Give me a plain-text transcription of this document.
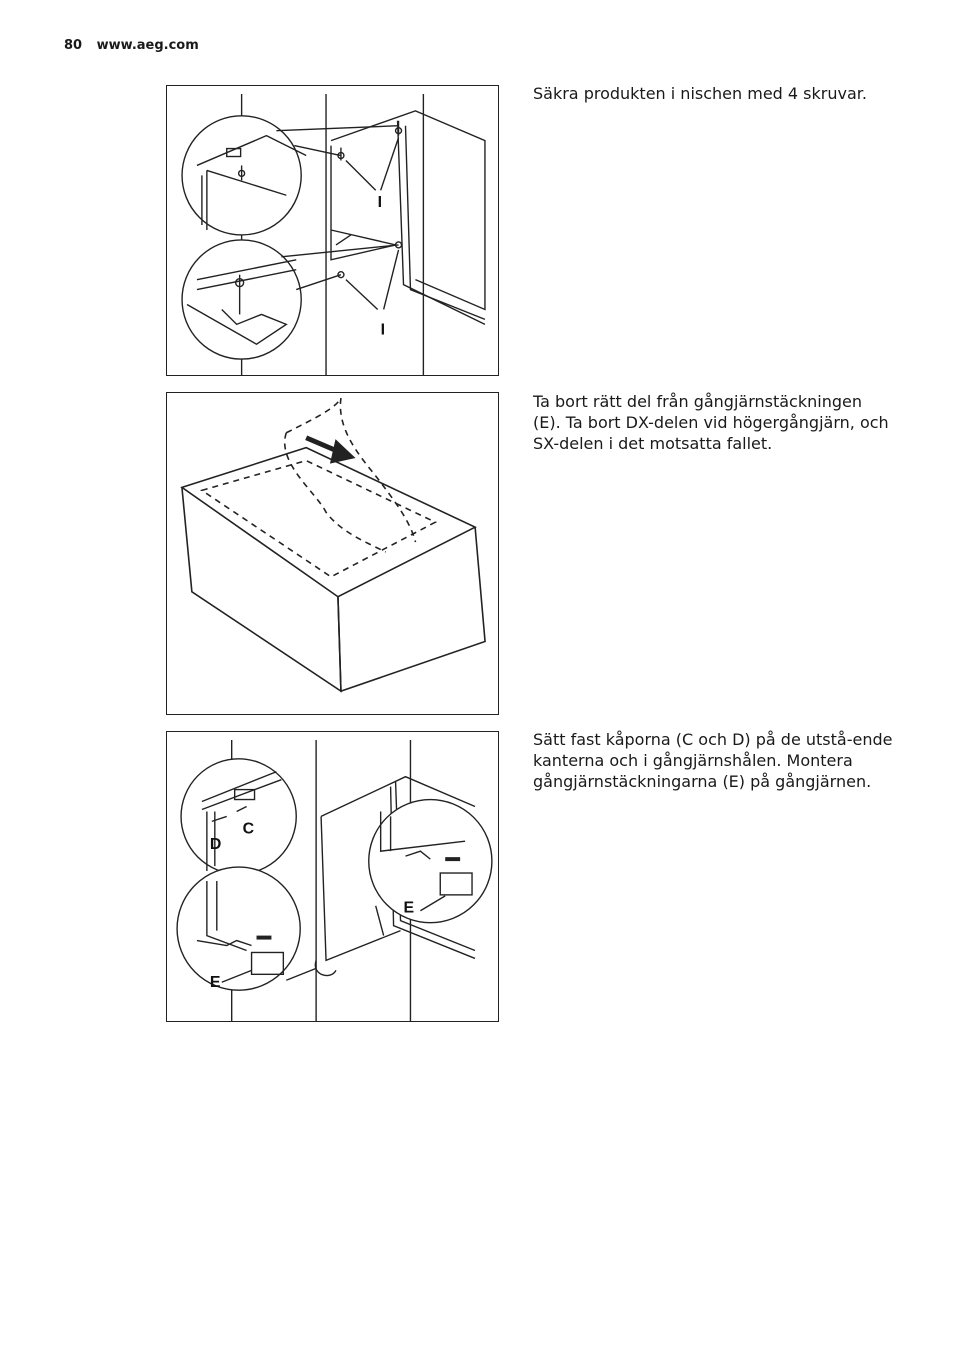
80 www.aeg.com
I
I
Säkra produkten i nischen med 4 skruvar.
Ta bort rätt del från gångjärnstäckningen (E). Ta bort DX-delen vid högergångjärn, och SX-delen i det motsatta fallet.
C
D
E
E
Sätt fast kåporna (C och D) på de utstå-ende kanterna och i gångjärnshålen. Montera gångjärnstäckningarna (E) på gångjärnen.
